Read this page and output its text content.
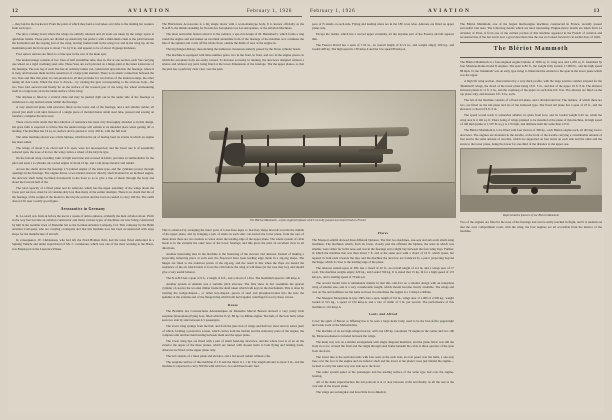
12	AVIATION	February 1, 1926	February 1, 1926	AVIATION	13

—they land in the backward. From the point at which they land a road takes over time to the landing bar requires from each spot.

The pilot, coming down where the wings are entirely released and all loads are taken by the wings' space at quickfour beams. These parts are divided up drastically but perfect, with a mini-mum crush at the joint between the horizontal and the sloping part of the wing, leaving frames built in the wing root and in the wing tip. At the maximum point the front spar is about 7 in. by 6 in. and appears to be of about 16 gauge thickness.

Four spruce stations are fitted to a false spar in the rear of the main spar.

The undercarriage consists of two Vees of half streamline tube, One in. flat at one section, each Vee carrying one wheel on a rigid overhung steel axle. These Vees are each pivoted on a hinge-joint at the inner transverse of the fuselage. The rear leg of each Vee has an ordinary radius rod, constructed upwards into the fuselage, where it is long, and between them and the outermost of a large joint element. There is an elastic connection between the two Vees and thus this joint, in com-pression in all that provides for two halves of the undercar-riage, the other taking all side loads. When the door is drawn— by rotating the gear corresponding to the obvious body—the two Vees fold outward and finally lie on the surface of the lowered part of the wing, the wheel surmounting itself in a large hole cut in the under-surface of the wing.

The airplane is fitted in a vertical slide and may be pushed right out in the under side of the fuselage or withdrawn to any desired extent within the fuselage.

A very small tail plane with elevators fitted on the lower end of the fuselage, and a sub smaller rudder, all placed just abaft a tail skid. Instead of a single piece of molded metal, small steel tube, pressed and sawing on transfers, comprise the struc-ture.

There can be little doubt that the reduction of resistance has been very thoroughly attended to in this design, but great faith is expected to follow that the undercarriage will remain to its intended place when getting off or landing. The machine has 19 sq. in. surface and is quoted to carry 450 lb. with the full load.

The other machine shown was a little biplane, which has the air of having been an aviette in which an engine has been added.

The wings, of about 5 in. chord and 4 ft. span, were not un-suspected, and the lower one is of essentially reduced span, the nose of its two the wing carries a wheel of the bicycle type.

On the bottom wing a leading, built of light steel tube and covered in fabric, provides accommodation for the pilot and seats a 2-cylinder, air-cooled engine of about 10 hp. and a tail plane elevator and rudder.

Across the shafts above the fuselage a V-jointed engine of the same type, and the cylinders project through openings in the fuselage. The engine drives a two-bladed airscrew directly shaft mounted in an inclined engine, the airscrew shaft being in-clined downwards to the front so as to give a line of thrust through the body and about the forward half of the

The total capacity of a fitted plane and its tailerons, which has the upper extremity of the wings about the lower part sur-face, must be of consider-ably less than many of the earlier attempts. There is no doubt that the of the fuselage of the weight of the model to the bicycle section and the load ex-ceeded to carry 160 lbs. The outfit does not fit near a really good figure.

Aeronautics in Germany

R. Le-onard was from-in before the use in a weeks of atmos-spheres, evidently the their aviation about. Profit in the way has become an aviation constructor and many various types of machines are now being constructed by him in the German town of Dreizehn but as the German Aviation Company, Ltd. This company by the Helm Aviation Com-pany, who are carrying on Repairs and that this machine now has been reconstructed with large shops for the manufacture of aircraft.

In consequence, W. Christensen, who had left the Nord-Holmen firm, had his latest fitted embodied in a Spitting Vehicle and under supervision of Mr. C. Lundersen, which was one of the most working at the Hares, was Employed on the Lawrence Planes.

The Blériotiona Accessories is a big single motor with a work-manstype body. It is known officially as the N.A.B.S, the initials standing for Nordia des Aeroplanes Les Les Aéroplanes, or the Aviation Machines.

The most noticeable feature about it is the radiator, a spe-cial design of M. Benitebart's, which forms a ring round the engine and and makes an excellent streamline form of the fuselage of the machine as it continues the line of the spinner and cowls off the whole front, outside the limits of area of the engine in.

The big flanged-Relays, then sticking the numerous clearances entirely passed by the Peron cylinder heads.

The machine is equipped with three number gears, two in the front, in front, and two in the engine places, in which the aeroplane body are easily rotated. To increase economy in running, the airscrews designed without a silence and without any parts being fitted at the lower dimensions of the fuselage. The the upper planes, so that the pilot has a perfectly clear view over the plan.

pace of N stands on each side. Flying and landing wires are in the 180 cross wise. Ailerons are fitted on upper plane only.

Except the rudder, which has a curved upper extremity, all the airplane part of the Fasteva aircraft appears thin.

The Fasteva David has a span of 7.10 in., an overall length of 6.1/4 in., and weighs empty 200 kg., and loaded 400 kg. The high speed is 130 km.p.h and the low speed 80 km.p.h.

The Blériot Mammoth—a four-engined biplane which recently passed successful trials in France

This is achieved by arranging the inner parts of lower-fuse-lages so that they shape inwards towards the middle of the upper plane, and by bringing a pair of struts on each side: con-nected the lower plane, from the tops of these struts there are two stations as wires down the leading edge of the upper plane. The whole system of cable mode is in the extreme the outer nose of the lower fuselage, and this gives the pilot an excellent view in all directions.

Another interesting idea in the machine is the balancing of the elevator and ailerons. Instead of making a projecting balancing piece at each end, the flap-level have been leading edge made in a zig-zag shape. The hinges are fixed to the rearmost points of the zig-zag, and the result is that when the flaps are turned the resistance of the air which tends to force the cam before the wing at will these (as the case may be), and should give a very useful balance.

The N.A.B.S has a span of 9 ft., a length of 6 ft., and a chord of 1.8 in. The maximum speed is 100 km.p.h.

Another system of Ataman was a variable pitch airscrew. The flats show in fact resembles the gearset cylinder of receive the wooden timber inside the shaft taken which both keys in the mechanism. This is done by twisting the wedge-shaped— or rather key-shaped—pieces of steel and phosphor-bronze into the hole the spindles at the extreme end of the flanged ring which both hold against centrifugal force by these screws.

Route

The Bramble des Constructions Aéronautiques de Marseille Marcel Besson showed a very pretty little seaplane (monoplane) flying boat, fitted with the 8 cyl. 80 hp. Le Rhône engine. The hull, of the boat built, when seen two side by side between 4-5 passengers.

The lower wing springs from the hull, and from the junc-tion of wings and hull two short narrow series (sent of which, forming a protective screen, which carries both the mobile and the stationary parts of the engine, the complete unit and has dual bearing between them and the upper plane.

The lower wing tips are fitted with a pair of small hand-ing airscrews, and the whole boat is of an on the exterior the upper of the three planes, which are turned with chosen leads to both flying and landing loads. Ailerons are fitted on the upper plane only.

The tail consists of a fixed plane and elevator, and a bal-anced rudder without a fin.

The seaplane surface of this machine if 2 ft and the thrust is 1.1 m. The length amount is about 3 m., and the machine is expected to carry 500 lbs.with with two, two and three hours' fuel.

Flares

The Nieuport exhibit showed three different biplanes. The first two machines, one-seat and sub-scale small-wing machines. The machines which, from its lower, closely past the efficient the biplane, the seats in which was smaller, were rather far in the nose and was in the fuselage and a slight bay between the four wing bays. Further, in which the machine that was then about 7 ft. and at the same spot with a chord of 10 ft. which spans, but tapered in both ends towards the tips, and the machine the airscrew are balanced by a piece projecting beyond the hinge, which is close to the leading edge of the plane.

The ailerons extend upon of 300, has a chord of 20 ft., an overall length of 4.2 m, and a wings area of 17 sq.m. The machine weighs empty 420 kg., and loaded 760 kg. It is stated that 15 hp. fit for a high speed of 172 km.p.h., and a landing speed of 70 km.p.h.

The second model twin is remarkable mainly in that this com-fort on a smaller design with an interplane wing of smaller size, and at a very considerable weight, which should become clearly available. The wings and cuts on 'the and stabilizer are the same as those two machines the engine is a 110-hp Le Rhône.

The Nieuport Monoplane in type 1905, has a span, length of 6.6 m., wings area of 1,000 of 2,500 kg., weight loaded at 515 kg., a speed of 150 km.p.h, and a rate of climb of 3 m. per second. The performance of this machine is 110 km.p.h.

Louis and Alfred

Cover the spirit of Baroet or Offering has to be seen a large Arms body, used to be the bed-of-fire pagewright and weak work of the Mahomedans.

The machine of its are high-winged tractor, with one 180 hp. Gnometes 70 engine in the center and two 190 hp. Monosou-thenes is turreted between the wings.

The main way was on a-similar arrangement with single diagonal members, and the plane fabric was still the body in a row, crossed the from and the single through steel frame beneath the cable at three-quarters of the span from the front.

The lower line is the sectional units with four seats at the each side, an oval panel over the hulls, a one-way base over the foot of the engine and are inferior shaft and the lower at the plane's nose just behind the engine—located to carry the same way rear side up to the front.

The same system panel of the passengers and the leading surface of the same type and over the engine-bearing.

All of the main superstructure the tail pontoon is at or area between crafts and finally on all the rest as the oval unit of the lowest plane.

The wings are rectangular and have little in no dihedral,

The Blériot Mammoth, one of the largest multi-engine machines constructed in France, recently passed successful trial tests. The following details which are most interesting. Engine-motor details are taken from La Aviation of Paris, is from one of the earliest portion of this machine appeared in the French of aviation and reconstruction of the last and it now a good deal more like the one we looked forward to in earlier days of 1926.

The Blériot Mammoth

The Blériot Mammoth is a four-engined engine biplane of 3030 sq. ft. wing area and 1,470 sq. ft. furnished by four Mormon-Rome model II engines. The span is 80 ft., the weight fully loaded, 17,000 lb., and the high speed 88 mph. To the 'mammoth' was an early type being to illustrated the relation to the span in the lower plane which was the upper.

A high lift wing section, characterized by a very thick profile, with the large positive camber adopted for the 'Mammoth' wings, the chord of the lower plane being 16 ft. 5 in., and that of the upper 19 ft. 8 in. The distance between planes is 11 ft. 2 in., and the overhang of the upper on each side 6 ft. 8 in. The ailerons are fitted on the top plane only, and measure 6 ft. 6 in., each.

The tail of the machine consists of a fixed tail-plane, and a divided elevator. The rudders, of which there are two, are fitted on the tail-plane and are of the balanced type. The fixed tail plane has a span of 23 ft., and the elevators a chord of 6 ft. 6 in.

The speed would reach is somewhat smaller, its giant from bow, and its loaded weight 6.45 on, while the wing area is 2,140 sq. ft. There being of wings planned to be installed at the plane of this machine, its high speed of 106 mph (same as 1,507 lb./sq.), is 170 mph, and ultimate shall the same than 125 ft.

The Blériot Mammoth is to be fitted with four motors of 300 hp., each Blériot engine each, all driving tractor airscrews. The engines are mounted in the nacelle, at the front of the nacelle carrying a considerable amount of fuel and in the same amount of nacelles, which are supported on four struts on each side and the other end the struts to the lower plane, being the lower for one-third of the distance to the upper one.

Representative features of our Blériot Mammoth

Two of the engines are fitted in the nose of the fuselage and can be easily reached in flight, and it is understood that the crew compartment room, with the wing, the four engines are all accessible from the interior of the machine.
